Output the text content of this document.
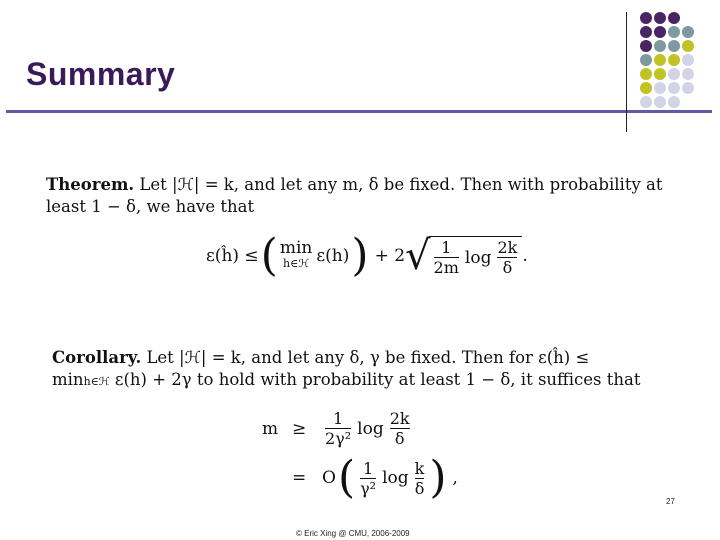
Summary
Theorem. Let |ℋ| = k, and let any m, δ be fixed. Then with probability at
least 1 − δ, we have that
ε(ĥ) ≤ ( min
h∈ℋ ε(h) ) + 2 √ $\frac{1}{2m}$ $\log \frac{2k}{\delta}$ .
Corollary. Let |ℋ| = k, and let any δ, γ be fixed. Then for ε(ĥ) ≤
minh∈ℋ ε(h) + 2γ to hold with probability at least 1 − δ, it suffices that
m ≥	$\frac{1}{\text{2γ²}}$ $\log \frac{2k}{\delta}$
= O ( $\frac{1}{\text{γ²}}$ $\log \frac{k}{\delta}$ ) ,
27
© Eric Xing @ CMU, 2006-2009
